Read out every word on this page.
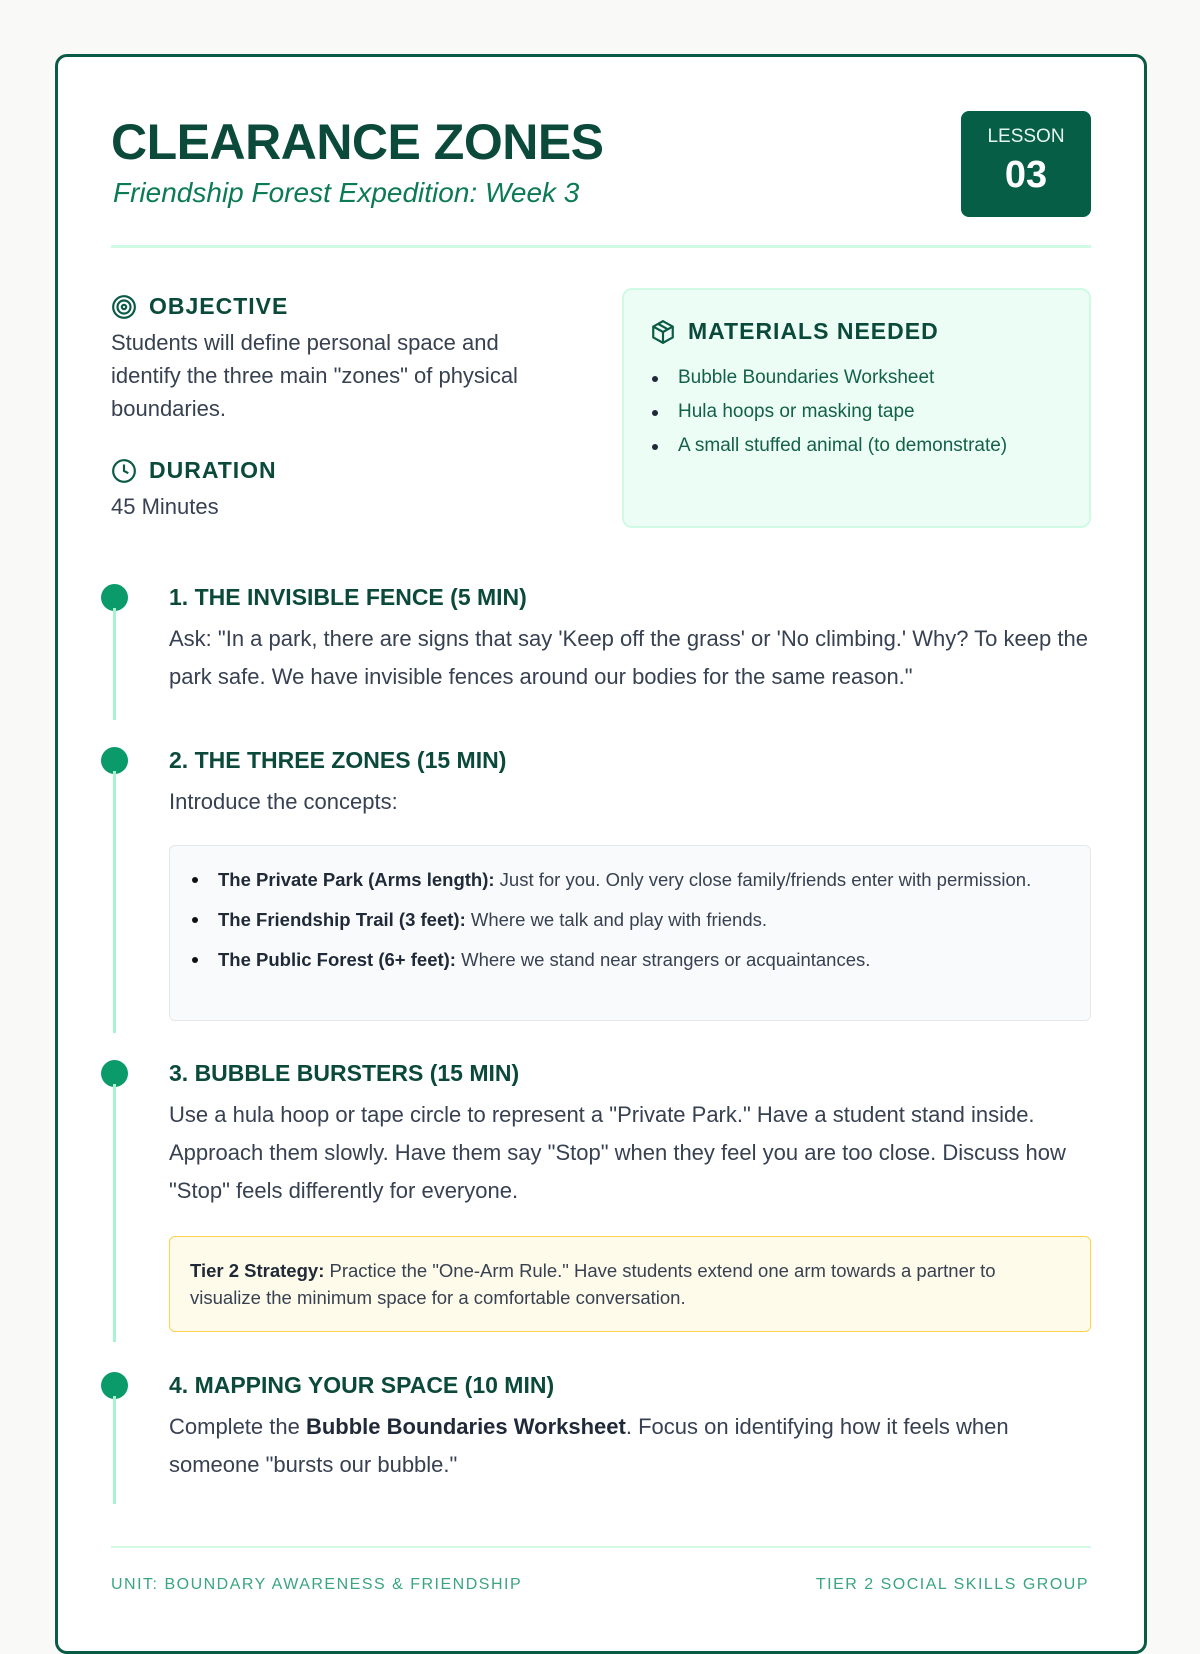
CLEARANCE ZONES
Friendship Forest Expedition: Week 3
LESSON
03
OBJECTIVE
Students will define personal space and identify the three main "zones" of physical boundaries.
DURATION
45 Minutes
MATERIALS NEEDED
Bubble Boundaries Worksheet
Hula hoops or masking tape
A small stuffed animal (to demonstrate)
1. THE INVISIBLE FENCE (5 MIN)
Ask: "In a park, there are signs that say 'Keep off the grass' or 'No climbing.' Why? To keep the park safe. We have invisible fences around our bodies for the same reason."
2. THE THREE ZONES (15 MIN)
Introduce the concepts:
The Private Park (Arms length): Just for you. Only very close family/friends enter with permission.
The Friendship Trail (3 feet): Where we talk and play with friends.
The Public Forest (6+ feet): Where we stand near strangers or acquaintances.
3. BUBBLE BURSTERS (15 MIN)
Use a hula hoop or tape circle to represent a "Private Park." Have a student stand inside. Approach them slowly. Have them say "Stop" when they feel you are too close. Discuss how "Stop" feels differently for everyone.
Tier 2 Strategy: Practice the "One-Arm Rule." Have students extend one arm towards a partner to visualize the minimum space for a comfortable conversation.
4. MAPPING YOUR SPACE (10 MIN)
Complete the Bubble Boundaries Worksheet. Focus on identifying how it feels when someone "bursts our bubble."
UNIT: BOUNDARY AWARENESS & FRIENDSHIP	TIER 2 SOCIAL SKILLS GROUP
